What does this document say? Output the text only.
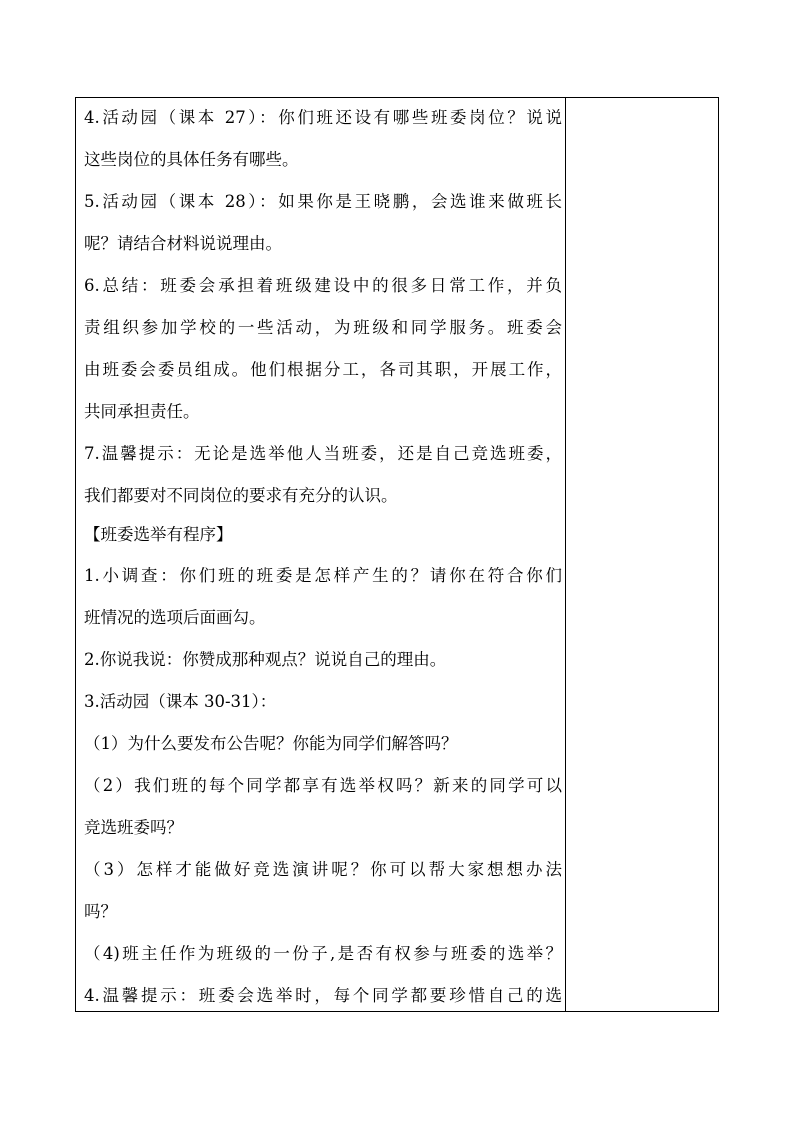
4.活动园（课本 27）：你们班还设有哪些班委岗位？说说
这些岗位的具体任务有哪些。
5.活动园（课本 28）：如果你是王晓鹏，会选谁来做班长
呢？请结合材料说说理由。
6.总结：班委会承担着班级建设中的很多日常工作，并负
责组织参加学校的一些活动，为班级和同学服务。班委会
由班委会委员组成。他们根据分工，各司其职，开展工作，
共同承担责任。
7.温馨提示：无论是选举他人当班委，还是自己竞选班委，
我们都要对不同岗位的要求有充分的认识。
【班委选举有程序】
1.小调查：你们班的班委是怎样产生的？请你在符合你们
班情况的选项后面画勾。
2.你说我说：你赞成那种观点？说说自己的理由。
3.活动园（课本 30-31）：
（1）为什么要发布公告呢？你能为同学们解答吗？
（2）我们班的每个同学都享有选举权吗？新来的同学可以
竞选班委吗？
（3）怎样才能做好竞选演讲呢？你可以帮大家想想办法
吗？
（4)班主任作为班级的一份子,是否有权参与班委的选举？
4.温馨提示：班委会选举时，每个同学都要珍惜自己的选
